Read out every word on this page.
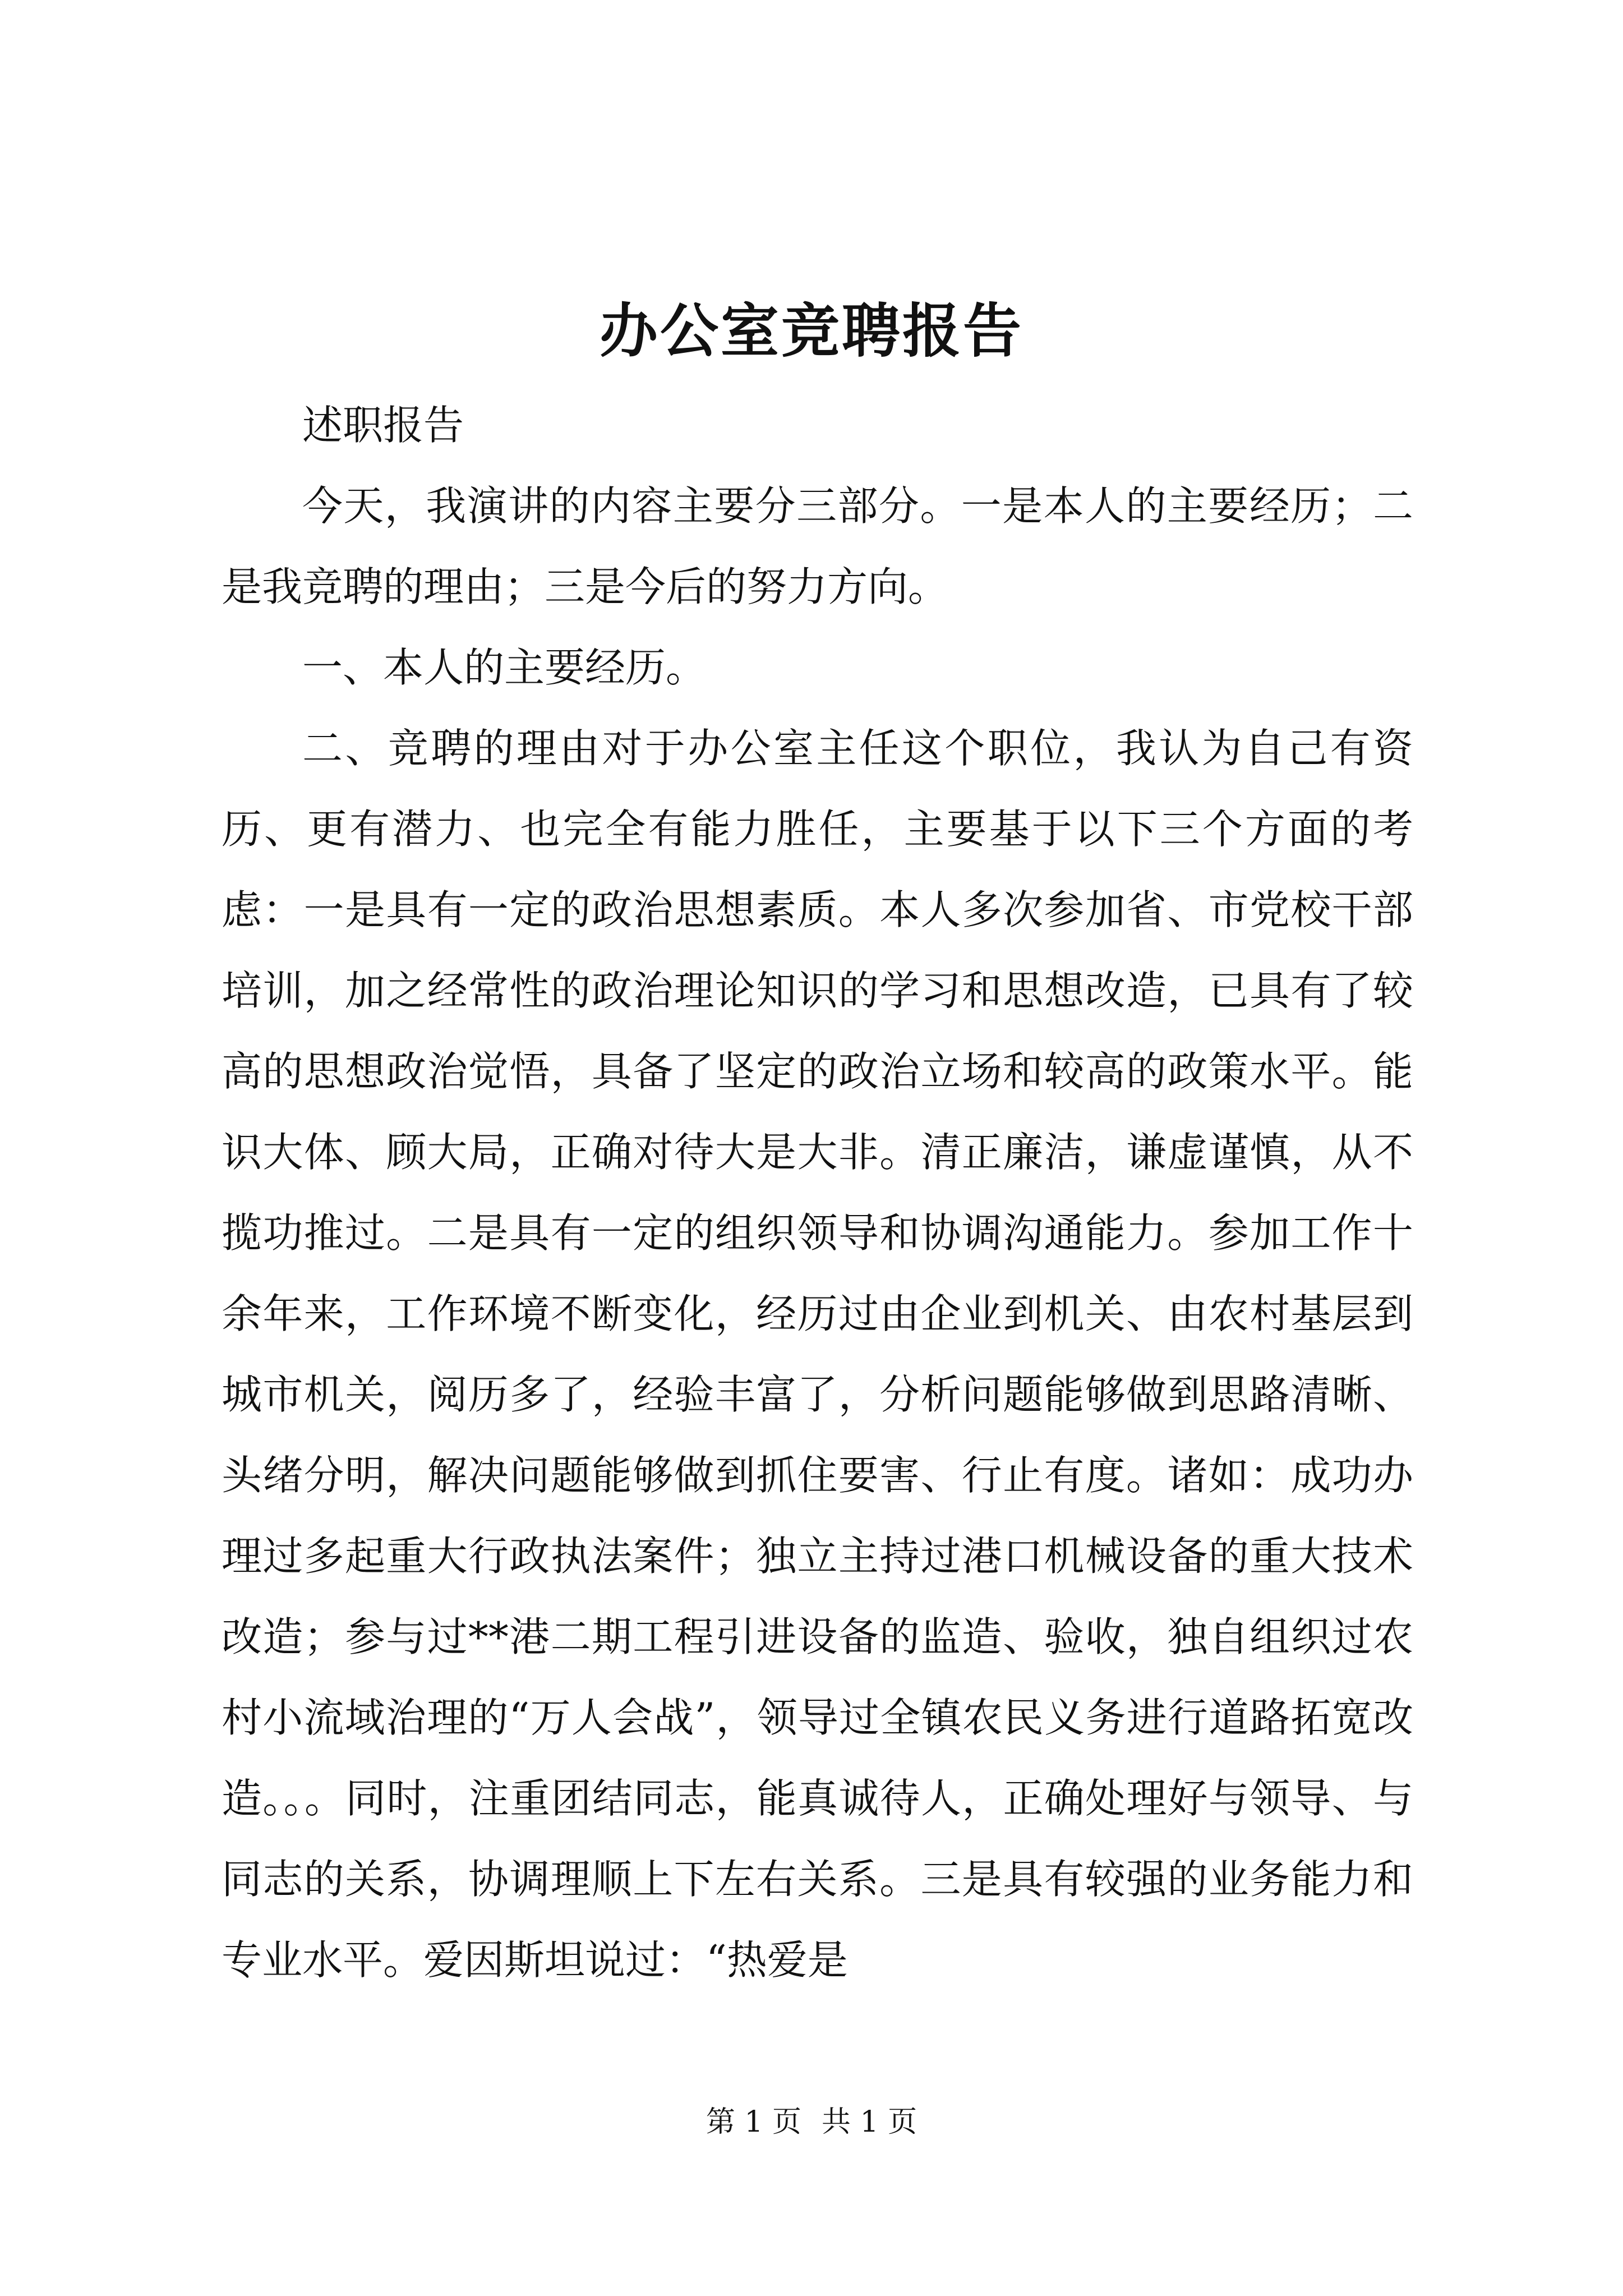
办公室竞聘报告

述职报告

今天，我演讲的内容主要分三部分。一是本人的主要经历；二是我竞聘的理由；三是今后的努力方向。

一、本人的主要经历。

二、竞聘的理由对于办公室主任这个职位，我认为自己有资历、更有潜力、也完全有能力胜任，主要基于以下三个方面的考虑：一是具有一定的政治思想素质。本人多次参加省、市党校干部培训，加之经常性的政治理论知识的学习和思想改造，已具有了较高的思想政治觉悟，具备了坚定的政治立场和较高的政策水平。能识大体、顾大局，正确对待大是大非。清正廉洁，谦虚谨慎，从不揽功推过。二是具有一定的组织领导和协调沟通能力。参加工作十余年来，工作环境不断变化，经历过由企业到机关、由农村基层到城市机关，阅历多了，经验丰富了，分析问题能够做到思路清晰、头绪分明，解决问题能够做到抓住要害、行止有度。诸如：成功办理过多起重大行政执法案件；独立主持过港口机械设备的重大技术改造；参与过**港二期工程引进设备的监造、验收，独自组织过农村小流域治理的“万人会战”，领导过全镇农民义务进行道路拓宽改造。。。同时，注重团结同志，能真诚待人，正确处理好与领导、与同志的关系，协调理顺上下左右关系。三是具有较强的业务能力和专业水平。爱因斯坦说过：“热爱是

第 1 页 共 1 页
